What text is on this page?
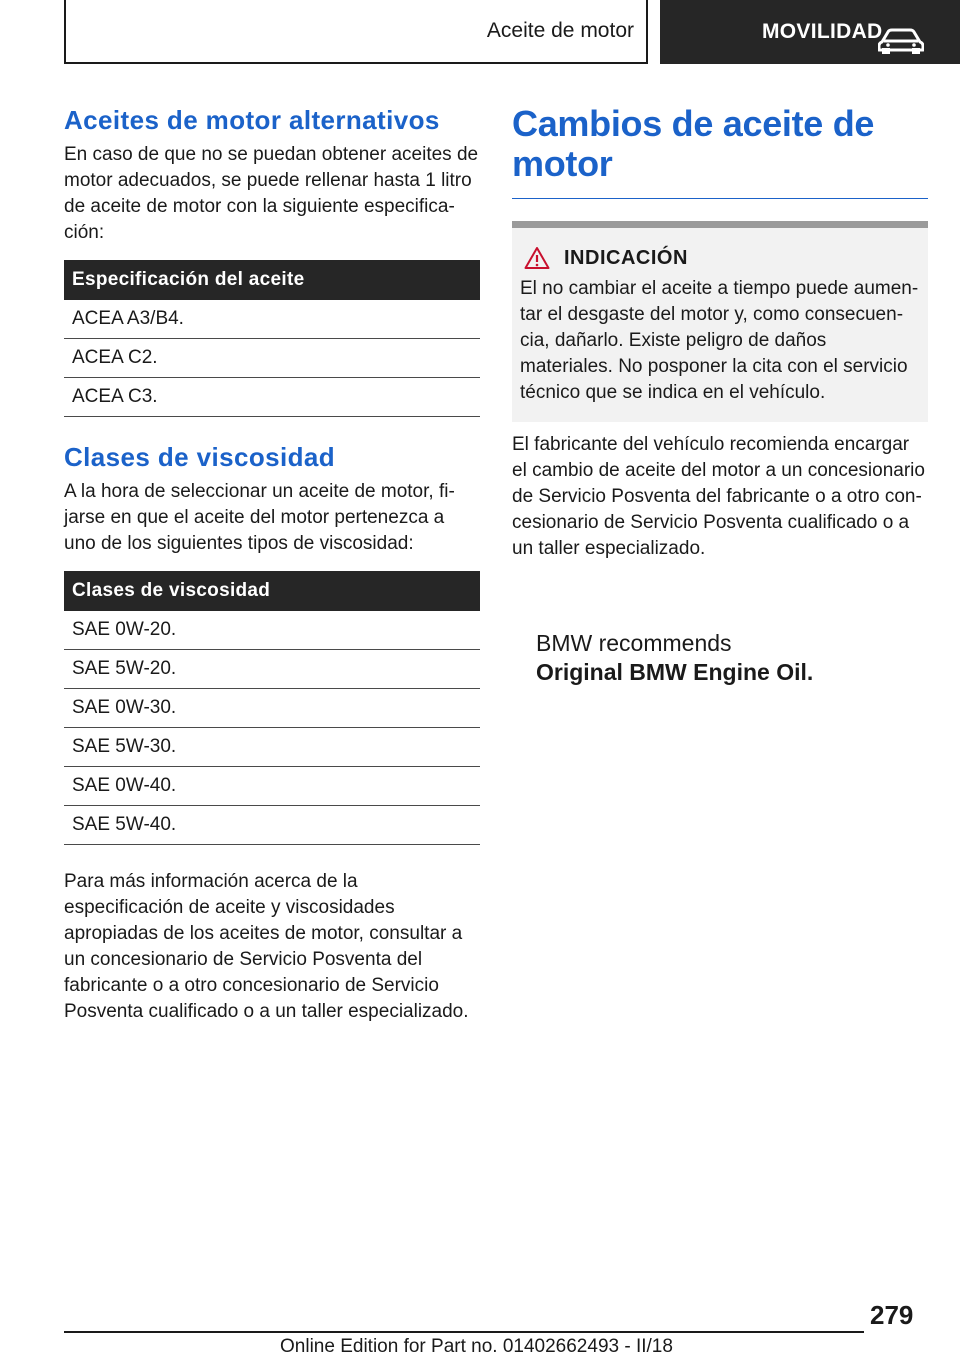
Aceite de motor	MOVILIDAD
Aceites de motor alternativos

En caso de que no se puedan obtener aceites de motor adecuados, se puede rellenar hasta 1 litro de aceite de motor con la siguiente especificación:

Especificación del aceite
ACEA A3/B4.
ACEA C2.
ACEA C3.
Clases de viscosidad

A la hora de seleccionar un aceite de motor, fijarse en que el aceite del motor pertenezca a uno de los siguientes tipos de viscosidad:

Clases de viscosidad
SAE 0W-20.
SAE 5W-20.
SAE 0W-30.
SAE 5W-30.
SAE 0W-40.
SAE 5W-40.

Para más información acerca de la especificación de aceite y viscosidades apropiadas de los aceites de motor, consultar a un concesionario de Servicio Posventa del fabricante o a otro concesionario de Servicio Posventa cualificado o a un taller especializado.

Cambios de aceite de motor
INDICACIÓN
El no cambiar el aceite a tiempo puede aumentar el desgaste del motor y, como consecuencia, dañarlo. Existe peligro de daños materiales. No posponer la cita con el servicio técnico que se indica en el vehículo.

El fabricante del vehículo recomienda encargar el cambio de aceite del motor a un concesionario de Servicio Posventa del fabricante o a otro concesionario de Servicio Posventa cualificado o a un taller especializado.

BMW recommends
Original BMW Engine Oil.
279
Online Edition for Part no. 01402662493 - II/18
